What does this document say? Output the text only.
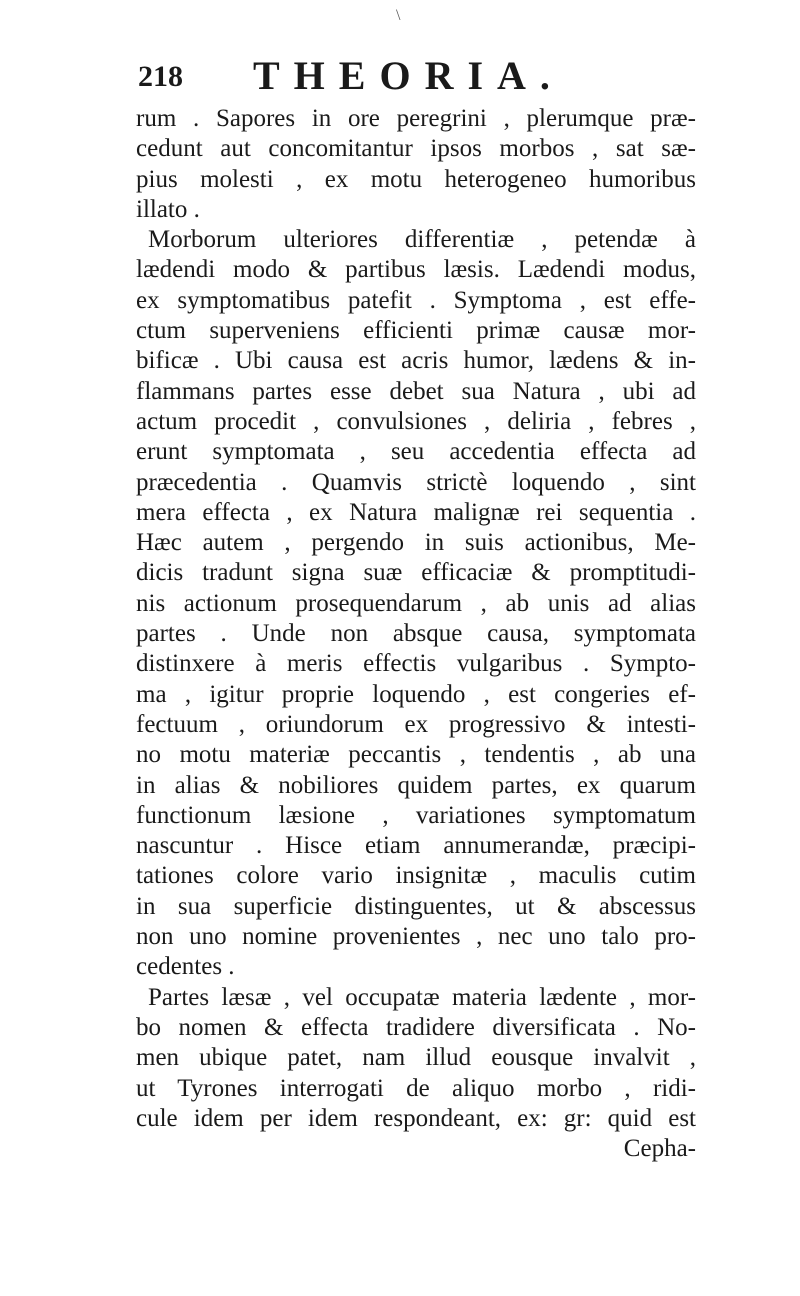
\
218 THEORIA.
rum . Sapores in ore peregrini , plerumque præ-
cedunt aut concomitantur ipsos morbos , sat sæ-
pius molesti , ex motu heterogeneo humoribus
illato .
Morborum ulteriores differentiæ , petendæ à
lædendi modo & partibus læsis. Lædendi modus,
ex symptomatibus patefit . Symptoma , est effe-
ctum superveniens efficienti primæ causæ mor-
bificæ . Ubi causa est acris humor, lædens & in-
flammans partes esse debet sua Natura , ubi ad
actum procedit , convulsiones , deliria , febres ,
erunt symptomata , seu accedentia effecta ad
præcedentia . Quamvis strictè loquendo , sint
mera effecta , ex Natura malignæ rei sequentia .
Hæc autem , pergendo in suis actionibus, Me-
dicis tradunt signa suæ efficaciæ & promptitudi-
nis actionum prosequendarum , ab unis ad alias
partes . Unde non absque causa, symptomata
distinxere à meris effectis vulgaribus . Sympto-
ma , igitur proprie loquendo , est congeries ef-
fectuum , oriundorum ex progressivo & intesti-
no motu materiæ peccantis , tendentis , ab una
in alias & nobiliores quidem partes, ex quarum
functionum læsione , variationes symptomatum
nascuntur . Hisce etiam annumerandæ, præcipi-
tationes colore vario insignitæ , maculis cutim
in sua superficie distinguentes, ut & abscessus
non uno nomine provenientes , nec uno talo pro-
cedentes .
Partes læsæ , vel occupatæ materia lædente , mor-
bo nomen & effecta tradidere diversificata . No-
men ubique patet, nam illud eousque invalvit ,
ut Tyrones interrogati de aliquo morbo , ridi-
cule idem per idem respondeant, ex: gr: quid est
Cepha-
